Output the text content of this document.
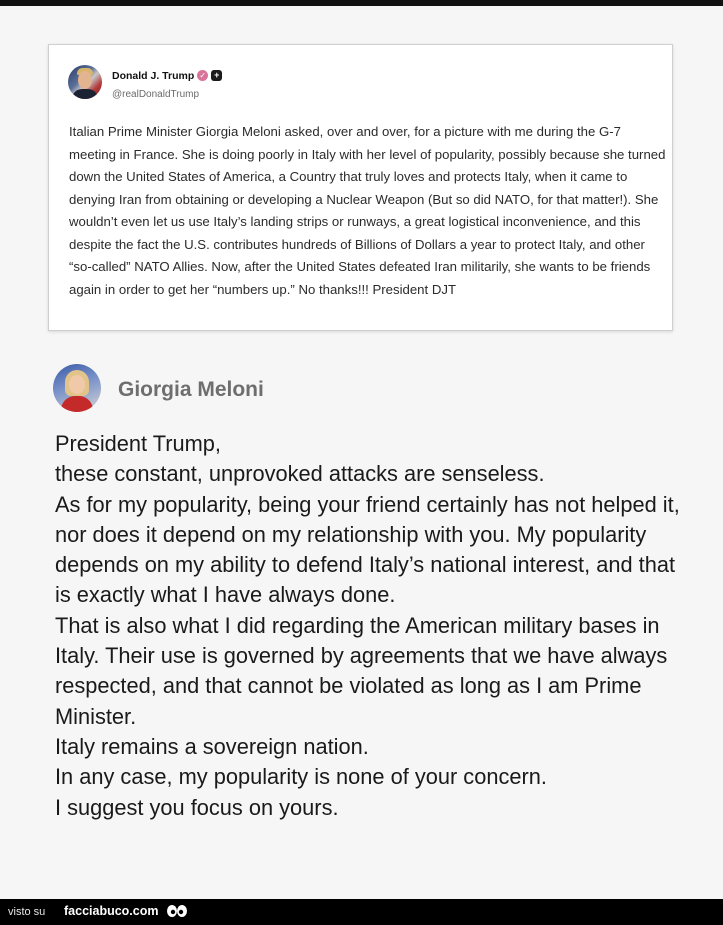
Donald J. Trump ✓ +
@realDonaldTrump

Italian Prime Minister Giorgia Meloni asked, over and over, for a picture with me during the G-7 meeting in France. She is doing poorly in Italy with her level of popularity, possibly because she turned down the United States of America, a Country that truly loves and protects Italy, when it came to denying Iran from obtaining or developing a Nuclear Weapon (But so did NATO, for that matter!). She wouldn’t even let us use Italy’s landing strips or runways, a great logistical inconvenience, and this despite the fact the U.S. contributes hundreds of Billions of Dollars a year to protect Italy, and other “so-called” NATO Allies. Now, after the United States defeated Iran militarily, she wants to be friends again in order to get her “numbers up.” No thanks!!! President DJT

Giorgia Meloni

President Trump,
these constant, unprovoked attacks are senseless.
As for my popularity, being your friend certainly has not helped it, nor does it depend on my relationship with you. My popularity depends on my ability to defend Italy’s national interest, and that is exactly what I have always done.
That is also what I did regarding the American military bases in Italy. Their use is governed by agreements that we have always respected, and that cannot be violated as long as I am Prime Minister.
Italy remains a sovereign nation.
In any case, my popularity is none of your concern.
I suggest you focus on yours.

visto su facciabuco.com
